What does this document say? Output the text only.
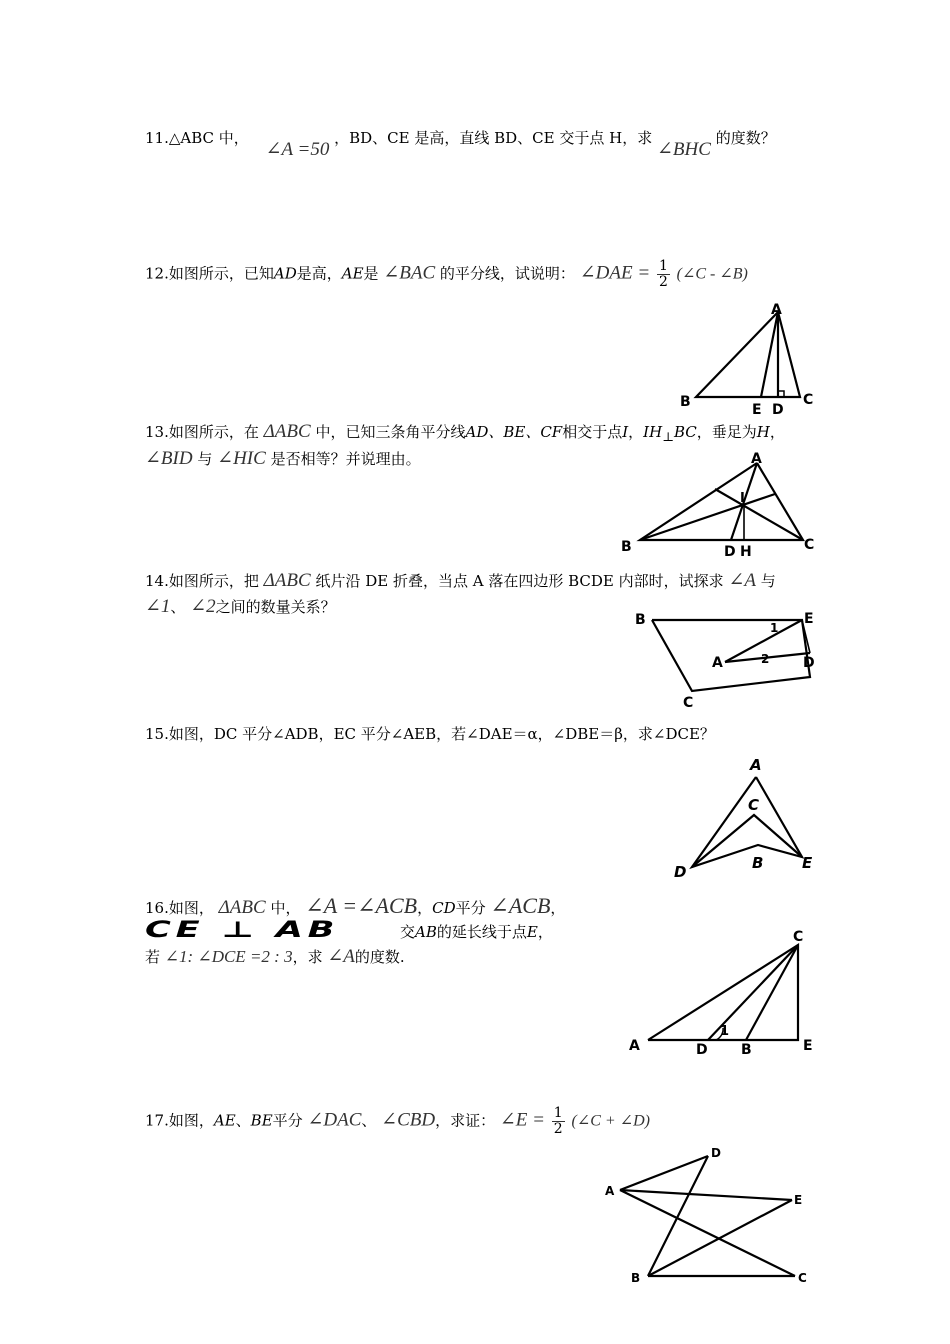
11.△ABC 中， ∠A =50 ，BD、CE 是高，直线 BD、CE 交于点 H，求 ∠BHC 的度数？
12.如图所示，已知AD是高，AE是 ∠BAC 的平分线，试说明： ∠DAE = $\frac{1}{2}$ (∠C - ∠B)
A
B	E D
C
13.如图所示，在 ΔABC 中，已知三条角平分线AD、BE、CF相交于点I，$IH_\perp BC$，垂足为H，
∠BID 与 ∠HIC 是否相等？并说理由。	A
I
B	D H	C
14.如图所示，把 ΔABC 纸片沿 DE 折叠，当点 A 落在四边形 BCDE 内部时，试探求 ∠A 与
∠1、 ∠2之间的数量关系？
B	E
1
A	2 D
C
15.如图，DC 平分∠ADB，EC 平分∠AEB，若∠DAE＝α，∠DBE＝β，求∠DCE？
A
C
B
D	E
16.如图， ΔABC 中， ∠A =∠ACB，CD平分 ∠ACB，
CE ⊥ AB	交AB的延长线于点E，
若 ∠1: ∠DCE =2 : 3，求 ∠A的度数.
C
1
A	D B	E
17.如图，AE、BE平分 ∠DAC、 ∠CBD，求证： ∠E = $\frac{1}{2}$ (∠C + ∠D)
D
A
E
B	C
